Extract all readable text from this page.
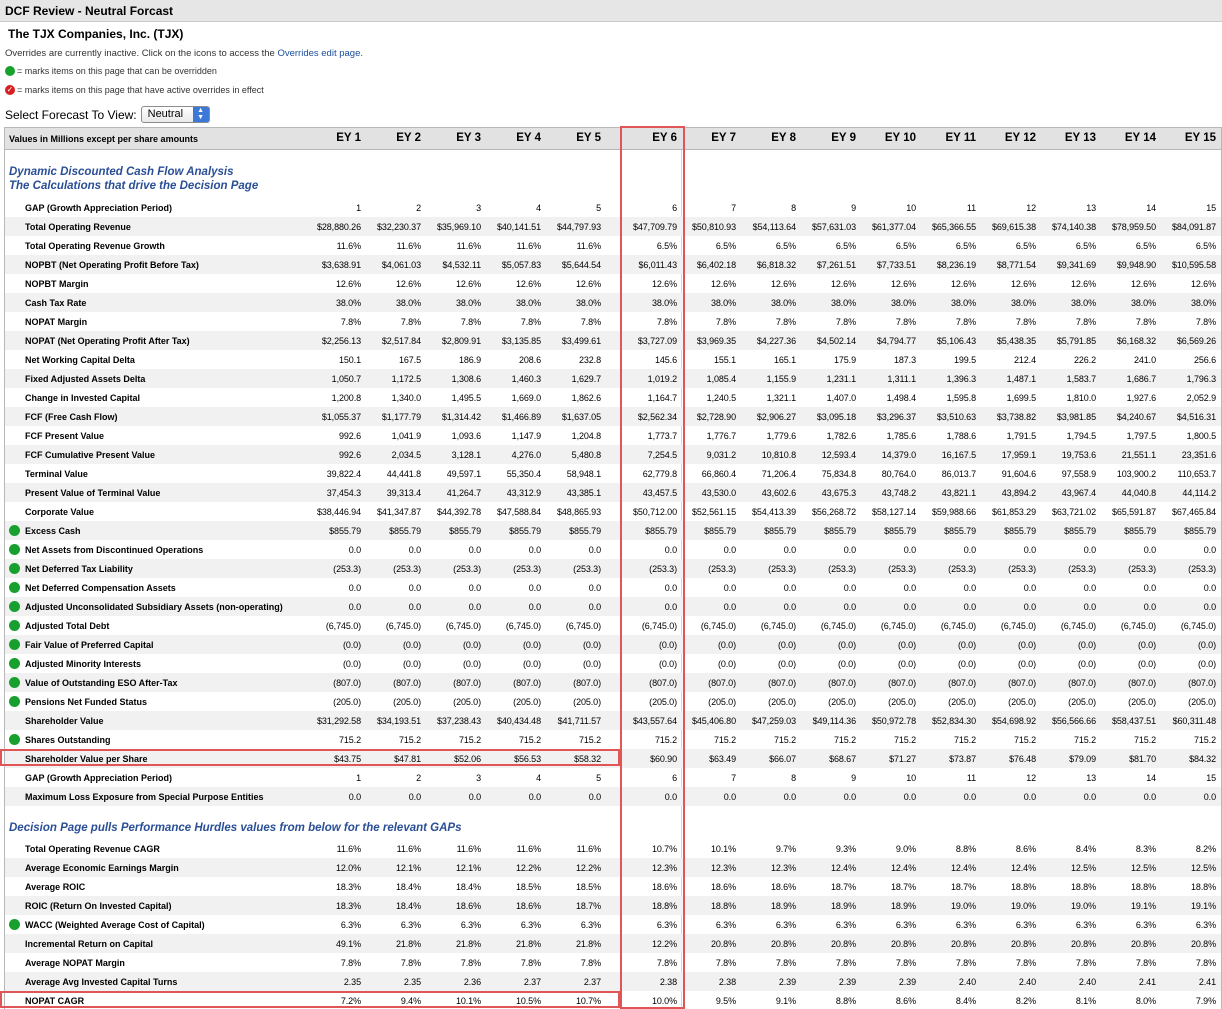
DCF Review - Neutral Forcast
The TJX Companies, Inc. (TJX)
Overrides are currently inactive. Click on the icons to access the Overrides edit page.
= marks items on this page that can be overridden
✓ = marks items on this page that have active overrides in effect
Select Forecast To View:	Neutral	▲
▼
Values in Millions except per share amounts	EY 1	EY 2	EY 3	EY 4	EY 5	EY 6	EY 7	EY 8	EY 9	EY 10	EY 11	EY 12	EY 13	EY 14	EY 15
Dynamic Discounted Cash Flow Analysis
The Calculations that drive the Decision Page
Decision Page pulls Performance Hurdles values from below for the relevant GAPs
GAP (Growth Appreciation Period)	1	2	3	4	5	6	7	8	9	10	11	12	13	14	15
Total Operating Revenue	$28,880.26	$32,230.37	$35,969.10	$40,141.51	$44,797.93	$47,709.79	$50,810.93	$54,113.64	$57,631.03	$61,377.04	$65,366.55	$69,615.38	$74,140.38	$78,959.50	$84,091.87
Total Operating Revenue Growth	11.6%	11.6%	11.6%	11.6%	11.6%	6.5%	6.5%	6.5%	6.5%	6.5%	6.5%	6.5%	6.5%	6.5%	6.5%
NOPBT (Net Operating Profit Before Tax)	$3,638.91	$4,061.03	$4,532.11	$5,057.83	$5,644.54	$6,011.43	$6,402.18	$6,818.32	$7,261.51	$7,733.51	$8,236.19	$8,771.54	$9,341.69	$9,948.90	$10,595.58
NOPBT Margin	12.6%	12.6%	12.6%	12.6%	12.6%	12.6%	12.6%	12.6%	12.6%	12.6%	12.6%	12.6%	12.6%	12.6%	12.6%
Cash Tax Rate	38.0%	38.0%	38.0%	38.0%	38.0%	38.0%	38.0%	38.0%	38.0%	38.0%	38.0%	38.0%	38.0%	38.0%	38.0%
NOPAT Margin	7.8%	7.8%	7.8%	7.8%	7.8%	7.8%	7.8%	7.8%	7.8%	7.8%	7.8%	7.8%	7.8%	7.8%	7.8%
NOPAT (Net Operating Profit After Tax)	$2,256.13	$2,517.84	$2,809.91	$3,135.85	$3,499.61	$3,727.09	$3,969.35	$4,227.36	$4,502.14	$4,794.77	$5,106.43	$5,438.35	$5,791.85	$6,168.32	$6,569.26
Net Working Capital Delta	150.1	167.5	186.9	208.6	232.8	145.6	155.1	165.1	175.9	187.3	199.5	212.4	226.2	241.0	256.6
Fixed Adjusted Assets Delta	1,050.7	1,172.5	1,308.6	1,460.3	1,629.7	1,019.2	1,085.4	1,155.9	1,231.1	1,311.1	1,396.3	1,487.1	1,583.7	1,686.7	1,796.3
Change in Invested Capital	1,200.8	1,340.0	1,495.5	1,669.0	1,862.6	1,164.7	1,240.5	1,321.1	1,407.0	1,498.4	1,595.8	1,699.5	1,810.0	1,927.6	2,052.9
FCF (Free Cash Flow)	$1,055.37	$1,177.79	$1,314.42	$1,466.89	$1,637.05	$2,562.34	$2,728.90	$2,906.27	$3,095.18	$3,296.37	$3,510.63	$3,738.82	$3,981.85	$4,240.67	$4,516.31
FCF Present Value	992.6	1,041.9	1,093.6	1,147.9	1,204.8	1,773.7	1,776.7	1,779.6	1,782.6	1,785.6	1,788.6	1,791.5	1,794.5	1,797.5	1,800.5
FCF Cumulative Present Value	992.6	2,034.5	3,128.1	4,276.0	5,480.8	7,254.5	9,031.2	10,810.8	12,593.4	14,379.0	16,167.5	17,959.1	19,753.6	21,551.1	23,351.6
Terminal Value	39,822.4	44,441.8	49,597.1	55,350.4	58,948.1	62,779.8	66,860.4	71,206.4	75,834.8	80,764.0	86,013.7	91,604.6	97,558.9	103,900.2	110,653.7
Present Value of Terminal Value	37,454.3	39,313.4	41,264.7	43,312.9	43,385.1	43,457.5	43,530.0	43,602.6	43,675.3	43,748.2	43,821.1	43,894.2	43,967.4	44,040.8	44,114.2
Corporate Value	$38,446.94	$41,347.87	$44,392.78	$47,588.84	$48,865.93	$50,712.00	$52,561.15	$54,413.39	$56,268.72	$58,127.14	$59,988.66	$61,853.29	$63,721.02	$65,591.87	$67,465.84
Excess Cash	$855.79	$855.79	$855.79	$855.79	$855.79	$855.79	$855.79	$855.79	$855.79	$855.79	$855.79	$855.79	$855.79	$855.79	$855.79
Net Assets from Discontinued Operations	0.0	0.0	0.0	0.0	0.0	0.0	0.0	0.0	0.0	0.0	0.0	0.0	0.0	0.0	0.0
Net Deferred Tax Liability	(253.3)	(253.3)	(253.3)	(253.3)	(253.3)	(253.3)	(253.3)	(253.3)	(253.3)	(253.3)	(253.3)	(253.3)	(253.3)	(253.3)	(253.3)
Net Deferred Compensation Assets	0.0	0.0	0.0	0.0	0.0	0.0	0.0	0.0	0.0	0.0	0.0	0.0	0.0	0.0	0.0
Adjusted Unconsolidated Subsidiary Assets (non-operating)	0.0	0.0	0.0	0.0	0.0	0.0	0.0	0.0	0.0	0.0	0.0	0.0	0.0	0.0	0.0
Adjusted Total Debt	(6,745.0)	(6,745.0)	(6,745.0)	(6,745.0)	(6,745.0)	(6,745.0)	(6,745.0)	(6,745.0)	(6,745.0)	(6,745.0)	(6,745.0)	(6,745.0)	(6,745.0)	(6,745.0)	(6,745.0)
Fair Value of Preferred Capital	(0.0)	(0.0)	(0.0)	(0.0)	(0.0)	(0.0)	(0.0)	(0.0)	(0.0)	(0.0)	(0.0)	(0.0)	(0.0)	(0.0)	(0.0)
Adjusted Minority Interests	(0.0)	(0.0)	(0.0)	(0.0)	(0.0)	(0.0)	(0.0)	(0.0)	(0.0)	(0.0)	(0.0)	(0.0)	(0.0)	(0.0)	(0.0)
Value of Outstanding ESO After-Tax	(807.0)	(807.0)	(807.0)	(807.0)	(807.0)	(807.0)	(807.0)	(807.0)	(807.0)	(807.0)	(807.0)	(807.0)	(807.0)	(807.0)	(807.0)
Pensions Net Funded Status	(205.0)	(205.0)	(205.0)	(205.0)	(205.0)	(205.0)	(205.0)	(205.0)	(205.0)	(205.0)	(205.0)	(205.0)	(205.0)	(205.0)	(205.0)
Shareholder Value	$31,292.58	$34,193.51	$37,238.43	$40,434.48	$41,711.57	$43,557.64	$45,406.80	$47,259.03	$49,114.36	$50,972.78	$52,834.30	$54,698.92	$56,566.66	$58,437.51	$60,311.48
Shares Outstanding	715.2	715.2	715.2	715.2	715.2	715.2	715.2	715.2	715.2	715.2	715.2	715.2	715.2	715.2	715.2
Shareholder Value per Share	$43.75	$47.81	$52.06	$56.53	$58.32	$60.90	$63.49	$66.07	$68.67	$71.27	$73.87	$76.48	$79.09	$81.70	$84.32
GAP (Growth Appreciation Period)	1	2	3	4	5	6	7	8	9	10	11	12	13	14	15
Maximum Loss Exposure from Special Purpose Entities	0.0	0.0	0.0	0.0	0.0	0.0	0.0	0.0	0.0	0.0	0.0	0.0	0.0	0.0	0.0
Total Operating Revenue CAGR	11.6%	11.6%	11.6%	11.6%	11.6%	10.7%	10.1%	9.7%	9.3%	9.0%	8.8%	8.6%	8.4%	8.3%	8.2%
Average Economic Earnings Margin	12.0%	12.1%	12.1%	12.2%	12.2%	12.3%	12.3%	12.3%	12.4%	12.4%	12.4%	12.4%	12.5%	12.5%	12.5%
Average ROIC	18.3%	18.4%	18.4%	18.5%	18.5%	18.6%	18.6%	18.6%	18.7%	18.7%	18.7%	18.8%	18.8%	18.8%	18.8%
ROIC (Return On Invested Capital)	18.3%	18.4%	18.6%	18.6%	18.7%	18.8%	18.8%	18.9%	18.9%	18.9%	19.0%	19.0%	19.0%	19.1%	19.1%
WACC (Weighted Average Cost of Capital)	6.3%	6.3%	6.3%	6.3%	6.3%	6.3%	6.3%	6.3%	6.3%	6.3%	6.3%	6.3%	6.3%	6.3%	6.3%
Incremental Return on Capital	49.1%	21.8%	21.8%	21.8%	21.8%	12.2%	20.8%	20.8%	20.8%	20.8%	20.8%	20.8%	20.8%	20.8%	20.8%
Average NOPAT Margin	7.8%	7.8%	7.8%	7.8%	7.8%	7.8%	7.8%	7.8%	7.8%	7.8%	7.8%	7.8%	7.8%	7.8%	7.8%
Average Avg Invested Capital Turns	2.35	2.35	2.36	2.37	2.37	2.38	2.38	2.39	2.39	2.39	2.40	2.40	2.40	2.41	2.41
NOPAT CAGR	7.2%	9.4%	10.1%	10.5%	10.7%	10.0%	9.5%	9.1%	8.8%	8.6%	8.4%	8.2%	8.1%	8.0%	7.9%
